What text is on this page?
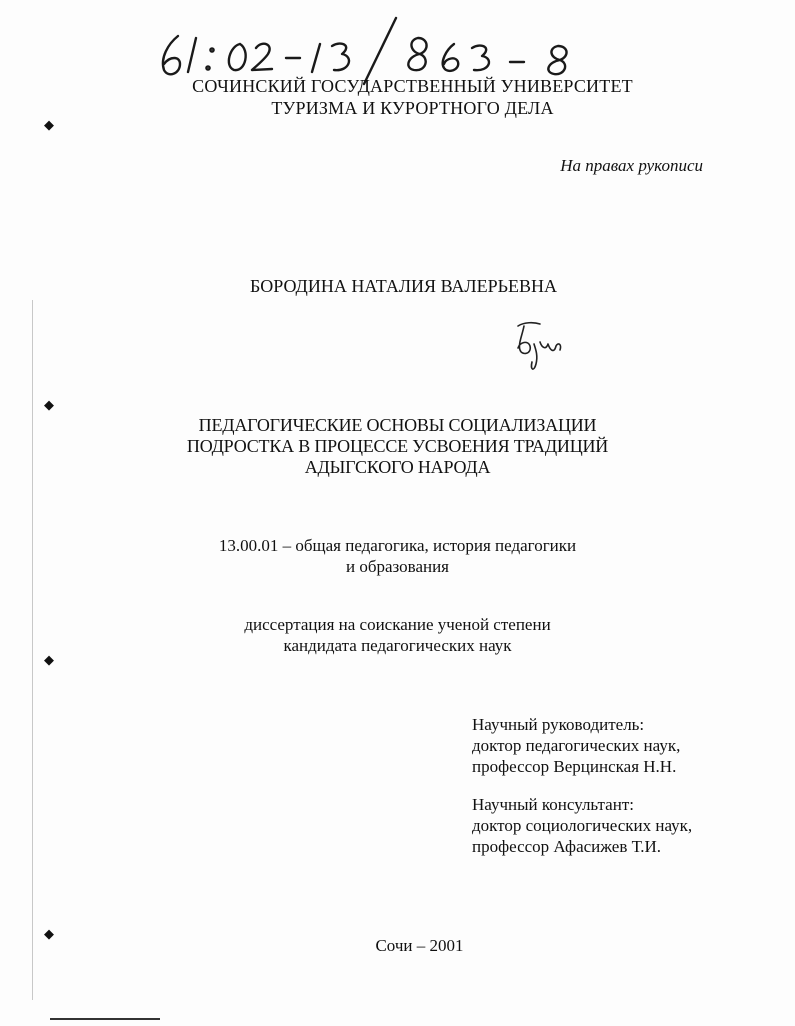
СОЧИНСКИЙ ГОСУДАРСТВЕННЫЙ УНИВЕРСИТЕТ
ТУРИЗМА И КУРОРТНОГО ДЕЛА
На правах рукописи
БОРОДИНА НАТАЛИЯ ВАЛЕРЬЕВНА
ПЕДАГОГИЧЕСКИЕ ОСНОВЫ СОЦИАЛИЗАЦИИ
ПОДРОСТКА В ПРОЦЕССЕ УСВОЕНИЯ ТРАДИЦИЙ
АДЫГСКОГО НАРОДА
13.00.01 – общая педагогика, история педагогики
и образования
диссертация на соискание ученой степени
кандидата педагогических наук
Научный руководитель:
доктор педагогических наук,
профессор Верцинская Н.Н.
Научный консультант:
доктор социологических наук,
профессор Афасижев Т.И.
Сочи – 2001
◆
◆
◆
◆
